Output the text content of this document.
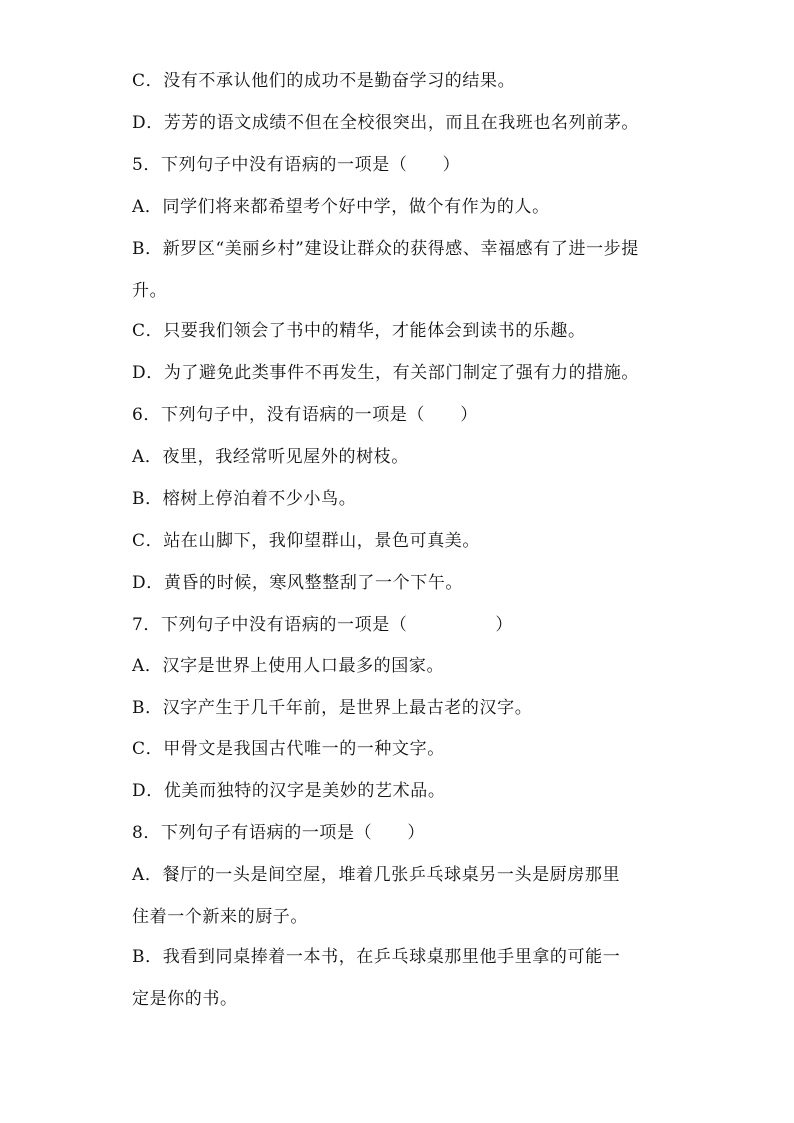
C．没有不承认他们的成功不是勤奋学习的结果。
D．芳芳的语文成绩不但在全校很突出，而且在我班也名列前茅。
5．下列句子中没有语病的一项是（　　）
A．同学们将来都希望考个好中学，做个有作为的人。
B．新罗区“美丽乡村”建设让群众的获得感、幸福感有了进一步提
升。
C．只要我们领会了书中的精华，才能体会到读书的乐趣。
D．为了避免此类事件不再发生，有关部门制定了强有力的措施。
6．下列句子中，没有语病的一项是（　　）
A．夜里，我经常听见屋外的树枝。
B．榕树上停泊着不少小鸟。
C．站在山脚下，我仰望群山，景色可真美。
D．黄昏的时候，寒风整整刮了一个下午。
7．下列句子中没有语病的一项是（　　　　　）
A．汉字是世界上使用人口最多的国家。
B．汉字产生于几千年前，是世界上最古老的汉字。
C．甲骨文是我国古代唯一的一种文字。
D．优美而独特的汉字是美妙的艺术品。
8．下列句子有语病的一项是（　　）
A．餐厅的一头是间空屋，堆着几张乒乓球桌另一头是厨房那里
住着一个新来的厨子。
B．我看到同桌捧着一本书，在乒乓球桌那里他手里拿的可能一
定是你的书。
